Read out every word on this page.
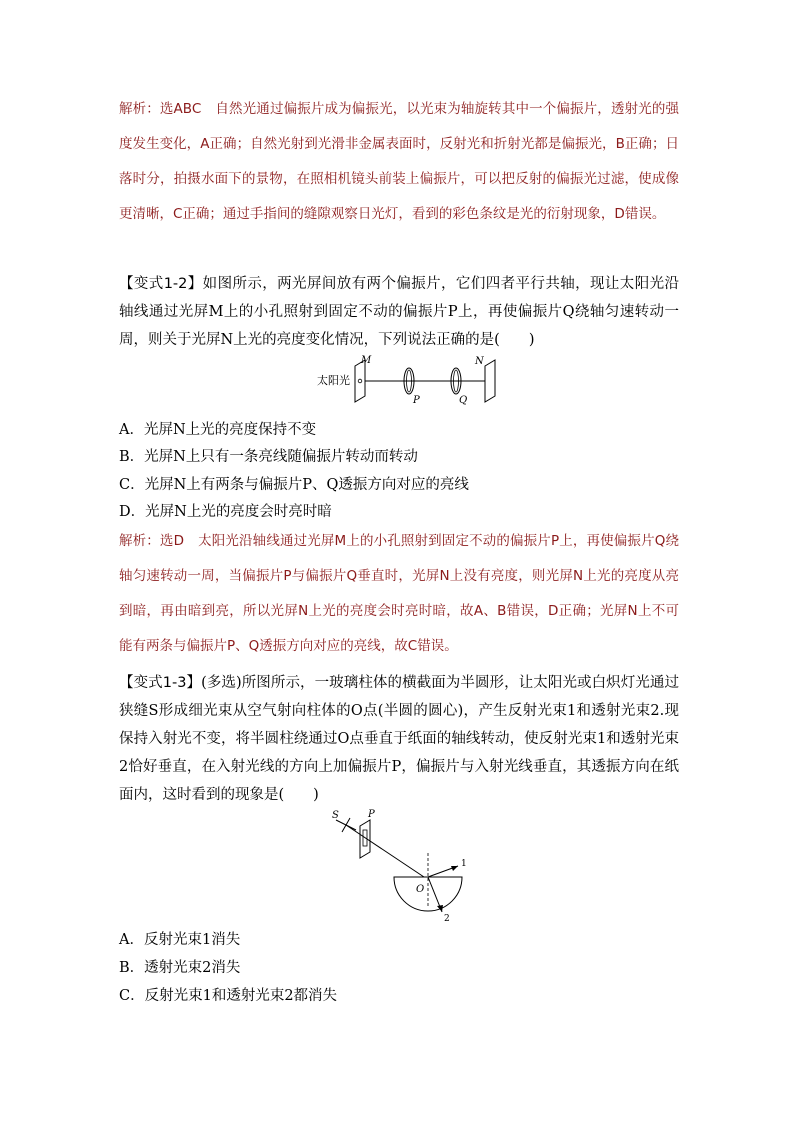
解析：选ABC 自然光通过偏振片成为偏振光，以光束为轴旋转其中一个偏振片，透射光的强度发生变化，A正确；自然光射到光滑非金属表面时，反射光和折射光都是偏振光，B正确；日落时分，拍摄水面下的景物，在照相机镜头前装上偏振片，可以把反射的偏振光过滤，使成像更清晰，C正确；通过手指间的缝隙观察日光灯，看到的彩色条纹是光的衍射现象，D错误。
【变式1-2】如图所示，两光屏间放有两个偏振片，它们四者平行共轴，现让太阳光沿轴线通过光屏M上的小孔照射到固定不动的偏振片P上，再使偏振片Q绕轴匀速转动一周，则关于光屏N上光的亮度变化情况，下列说法正确的是(　　)
太阳光
M
P	Q
N
A．光屏N上光的亮度保持不变
B．光屏N上只有一条亮线随偏振片转动而转动
C．光屏N上有两条与偏振片P、Q透振方向对应的亮线
D．光屏N上光的亮度会时亮时暗
解析：选D 太阳光沿轴线通过光屏M上的小孔照射到固定不动的偏振片P上，再使偏振片Q绕轴匀速转动一周，当偏振片P与偏振片Q垂直时，光屏N上没有亮度，则光屏N上光的亮度从亮到暗，再由暗到亮，所以光屏N上光的亮度会时亮时暗，故A、B错误，D正确；光屏N上不可能有两条与偏振片P、Q透振方向对应的亮线，故C错误。
【变式1-3】(多选)所图所示，一玻璃柱体的横截面为半圆形，让太阳光或白炽灯光通过狭缝S形成细光束从空气射向柱体的O点(半圆的圆心)，产生反射光束1和透射光束2.现保持入射光不变，将半圆柱绕通过O点垂直于纸面的轴线转动，使反射光束1和透射光束2恰好垂直，在入射光线的方向上加偏振片P，偏振片与入射光线垂直，其透振方向在纸面内，这时看到的现象是(　　)
S	P
O
1
2
A．反射光束1消失
B．透射光束2消失
C．反射光束1和透射光束2都消失
